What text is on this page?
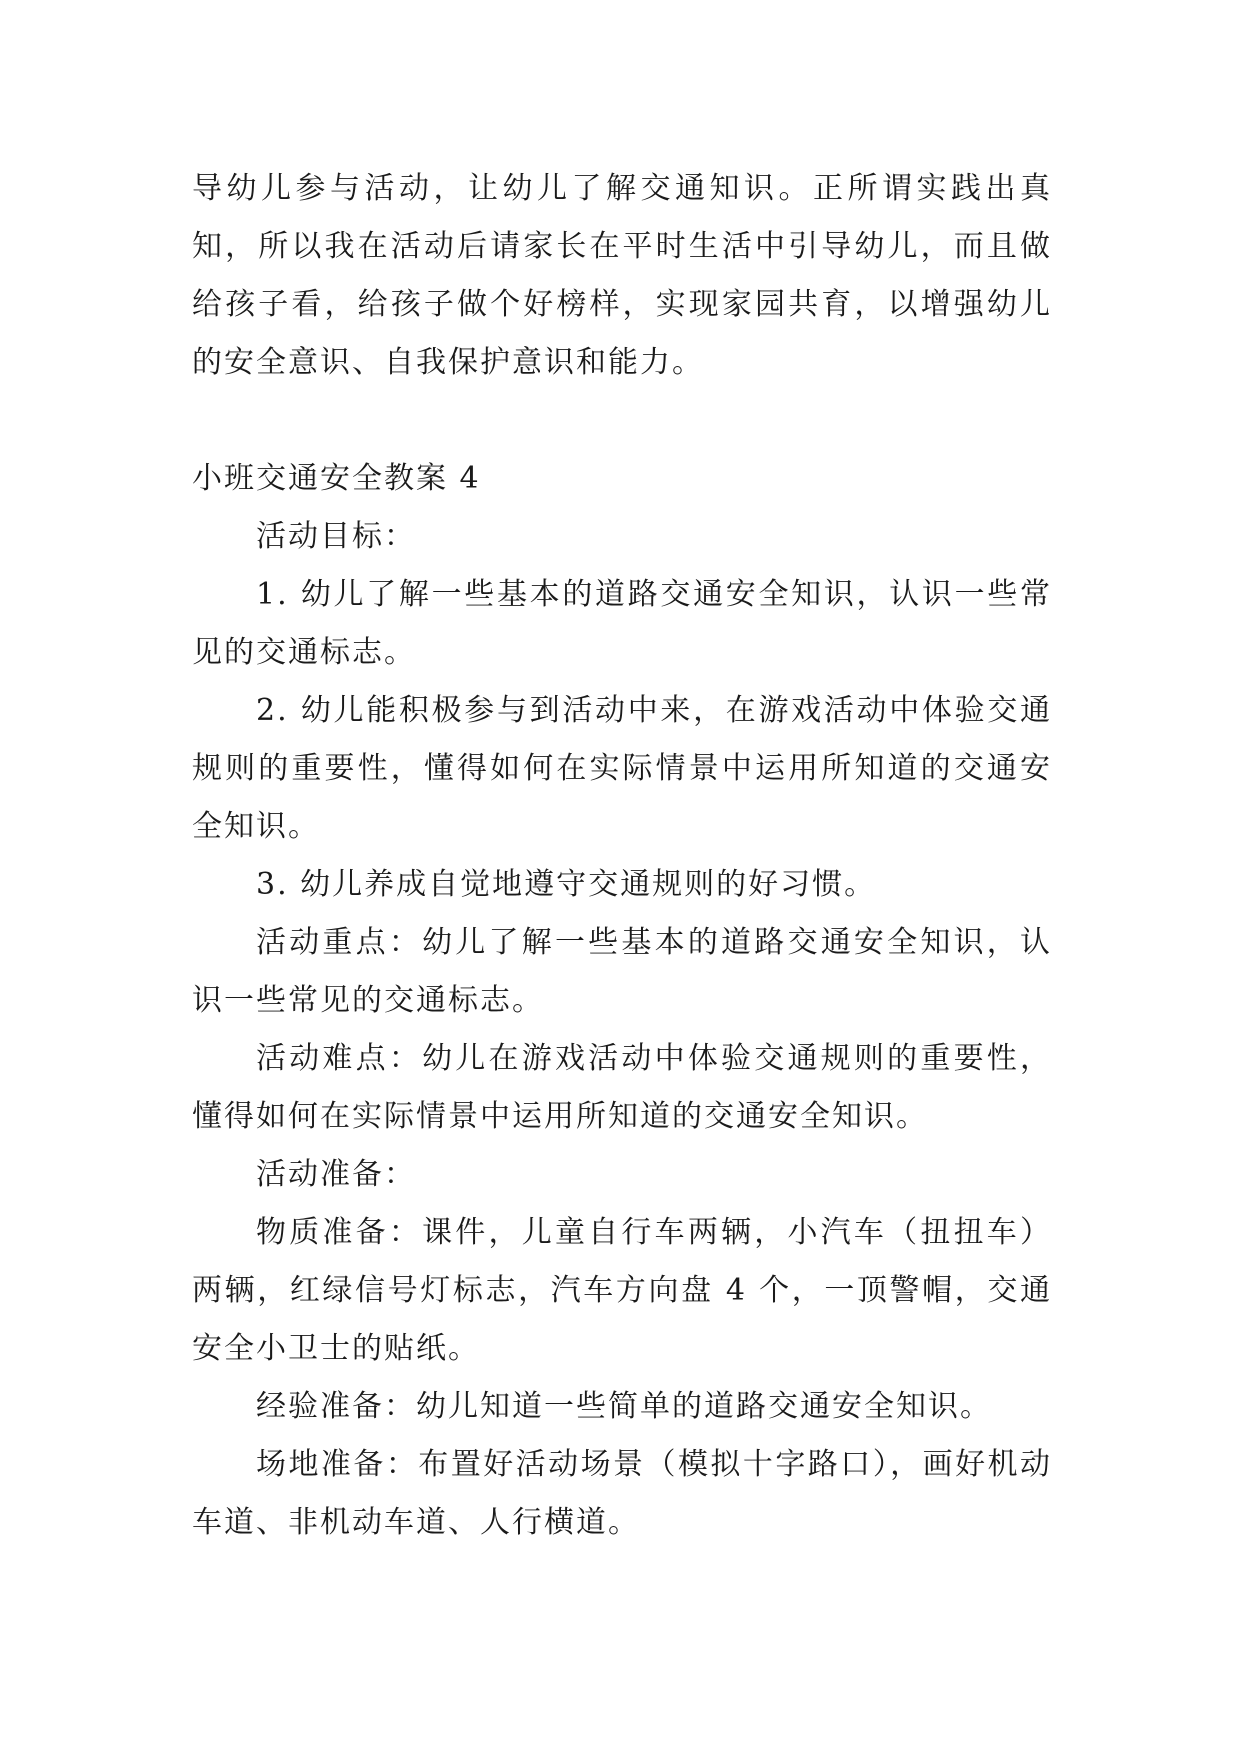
导幼儿参与活动，让幼儿了解交通知识。正所谓实践出真知，所以我在活动后请家长在平时生活中引导幼儿，而且做给孩子看，给孩子做个好榜样，实现家园共育，以增强幼儿的安全意识、自我保护意识和能力。

小班交通安全教案 4

活动目标：

1. 幼儿了解一些基本的道路交通安全知识，认识一些常见的交通标志。

2. 幼儿能积极参与到活动中来，在游戏活动中体验交通规则的重要性，懂得如何在实际情景中运用所知道的交通安全知识。

3. 幼儿养成自觉地遵守交通规则的好习惯。

活动重点：幼儿了解一些基本的道路交通安全知识，认识一些常见的交通标志。

活动难点：幼儿在游戏活动中体验交通规则的重要性，懂得如何在实际情景中运用所知道的交通安全知识。

活动准备：

物质准备：课件，儿童自行车两辆，小汽车（扭扭车）两辆，红绿信号灯标志，汽车方向盘 4 个，一顶警帽，交通安全小卫士的贴纸。

经验准备：幼儿知道一些简单的道路交通安全知识。

场地准备：布置好活动场景（模拟十字路口），画好机动车道、非机动车道、人行横道。
